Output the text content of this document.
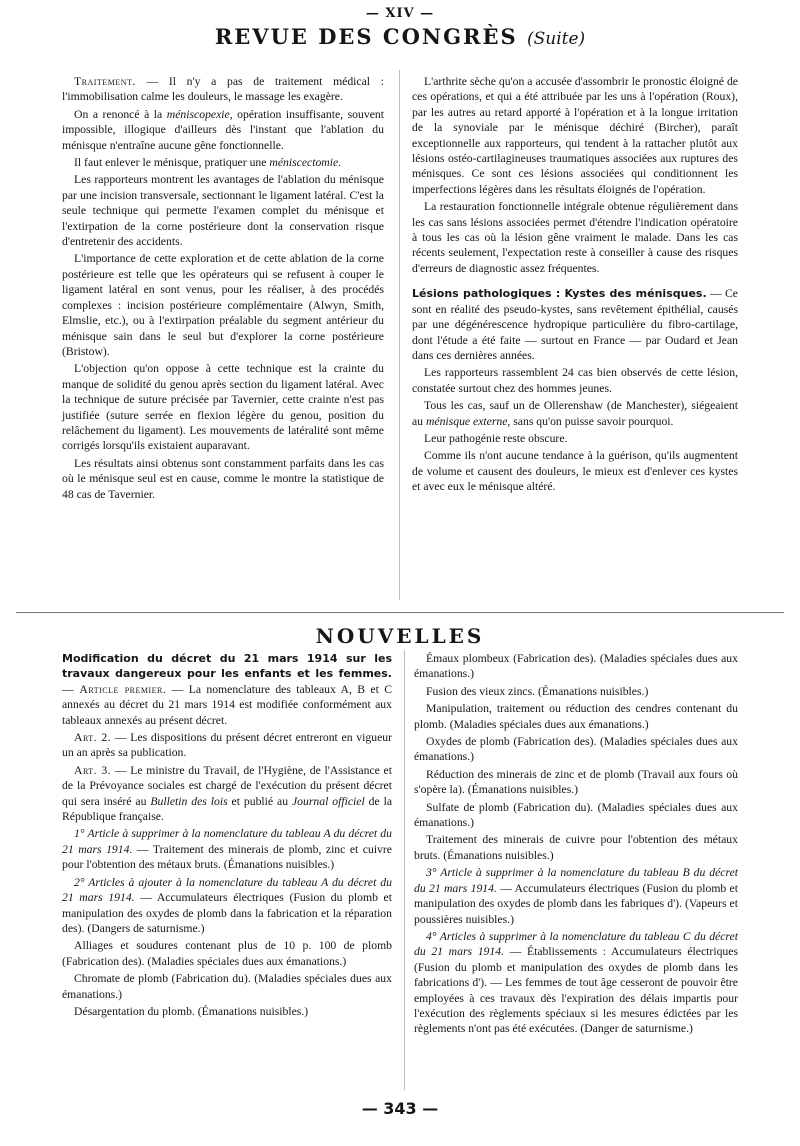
— XIV —
REVUE DES CONGRÈS (Suite)

Traitement. — Il n'y a pas de traitement médical : l'immobilisation calme les douleurs, le massage les exagère.

On a renoncé à la méniscopexie, opération insuffisante, souvent impossible, illogique d'ailleurs dès l'instant que l'ablation du ménisque n'entraîne aucune gêne fonctionnelle.

Il faut enlever le ménisque, pratiquer une méniscectomie.

Les rapporteurs montrent les avantages de l'ablation du ménisque par une incision transversale, sectionnant le ligament latéral. C'est la seule technique qui permette l'examen complet du ménisque et l'extirpation de la corne postérieure dont la conservation risque d'entretenir des accidents.

L'importance de cette exploration et de cette ablation de la corne postérieure est telle que les opérateurs qui se refusent à couper le ligament latéral en sont venus, pour les réaliser, à des procédés complexes : incision postérieure complémentaire (Alwyn, Smith, Elmslie, etc.), ou à l'extirpation préalable du segment antérieur du ménisque sain dans le seul but d'explorer la corne postérieure (Bristow).

L'objection qu'on oppose à cette technique est la crainte du manque de solidité du genou après section du ligament latéral. Avec la technique de suture précisée par Tavernier, cette crainte n'est pas justifiée (suture serrée en flexion légère du genou, position du relâchement du ligament). Les mouvements de latéralité sont même corrigés lorsqu'ils existaient auparavant.

Les résultats ainsi obtenus sont constamment parfaits dans les cas où le ménisque seul est en cause, comme le montre la statistique de 48 cas de Tavernier.

L'arthrite sèche qu'on a accusée d'assombrir le pronostic éloigné de ces opérations, et qui a été attribuée par les uns à l'opération (Roux), par les autres au retard apporté à l'opération et à la longue irritation de la synoviale par le ménisque déchiré (Bircher), paraît exceptionnelle aux rapporteurs, qui tendent à la rattacher plutôt aux lésions ostéo-cartilagineuses traumatiques associées aux ruptures des ménisques. Ce sont ces lésions associées qui conditionnent les imperfections légères dans les résultats éloignés de l'opération.

La restauration fonctionnelle intégrale obtenue régulièrement dans les cas sans lésions associées permet d'étendre l'indication opératoire à tous les cas où la lésion gêne vraiment le malade. Dans les cas récents seulement, l'expectation reste à conseiller à cause des risques d'erreurs de diagnostic assez fréquentes.

Lésions pathologiques : Kystes des ménisques. — Ce sont en réalité des pseudo-kystes, sans revêtement épithélial, causés par une dégénérescence hydropique particulière du fibro-cartilage, dont l'étude a été faite — surtout en France — par Oudard et Jean dans ces dernières années.

Les rapporteurs rassemblent 24 cas bien observés de cette lésion, constatée surtout chez des hommes jeunes.

Tous les cas, sauf un de Ollerenshaw (de Manchester), siégeaient au ménisque externe, sans qu'on puisse savoir pourquoi.

Leur pathogénie reste obscure.

Comme ils n'ont aucune tendance à la guérison, qu'ils augmentent de volume et causent des douleurs, le mieux est d'enlever ces kystes et avec eux le ménisque altéré.

NOUVELLES

Modification du décret du 21 mars 1914 sur les travaux dangereux pour les enfants et les femmes. — Article premier. — La nomenclature des tableaux A, B et C annexés au décret du 21 mars 1914 est modifiée conformément aux tableaux annexés au présent décret.

Art. 2. — Les dispositions du présent décret entreront en vigueur un an après sa publication.

Art. 3. — Le ministre du Travail, de l'Hygiène, de l'Assistance et de la Prévoyance sociales est chargé de l'exécution du présent décret qui sera inséré au Bulletin des lois et publié au Journal officiel de la République française.

1° Article à supprimer à la nomenclature du tableau A du décret du 21 mars 1914. — Traitement des minerais de plomb, zinc et cuivre pour l'obtention des métaux bruts. (Émanations nuisibles.)

2° Articles à ajouter à la nomenclature du tableau A du décret du 21 mars 1914. — Accumulateurs électriques (Fusion du plomb et manipulation des oxydes de plomb dans la fabrication et la réparation des). (Dangers de saturnisme.)

Alliages et soudures contenant plus de 10 p. 100 de plomb (Fabrication des). (Maladies spéciales dues aux émanations.)

Chromate de plomb (Fabrication du). (Maladies spéciales dues aux émanations.)

Désargentation du plomb. (Émanations nuisibles.)

Émaux plombeux (Fabrication des). (Maladies spéciales dues aux émanations.)

Fusion des vieux zincs. (Émanations nuisibles.)

Manipulation, traitement ou réduction des cendres contenant du plomb. (Maladies spéciales dues aux émanations.)

Oxydes de plomb (Fabrication des). (Maladies spéciales dues aux émanations.)

Réduction des minerais de zinc et de plomb (Travail aux fours où s'opère la). (Émanations nuisibles.)

Sulfate de plomb (Fabrication du). (Maladies spéciales dues aux émanations.)

Traitement des minerais de cuivre pour l'obtention des métaux bruts. (Émanations nuisibles.)

3° Article à supprimer à la nomenclature du tableau B du décret du 21 mars 1914. — Accumulateurs électriques (Fusion du plomb et manipulation des oxydes de plomb dans les fabriques d'). (Vapeurs et poussières nuisibles.)

4° Articles à supprimer à la nomenclature du tableau C du décret du 21 mars 1914. — Établissements : Accumulateurs électriques (Fusion du plomb et manipulation des oxydes de plomb dans les fabrications d'). — Les femmes de tout âge cesseront de pouvoir être employées à ces travaux dès l'expiration des délais impartis pour l'exécution des règlements spéciaux si les mesures édictées par les règlements n'ont pas été exécutées. (Danger de saturnisme.)

— 343 —
